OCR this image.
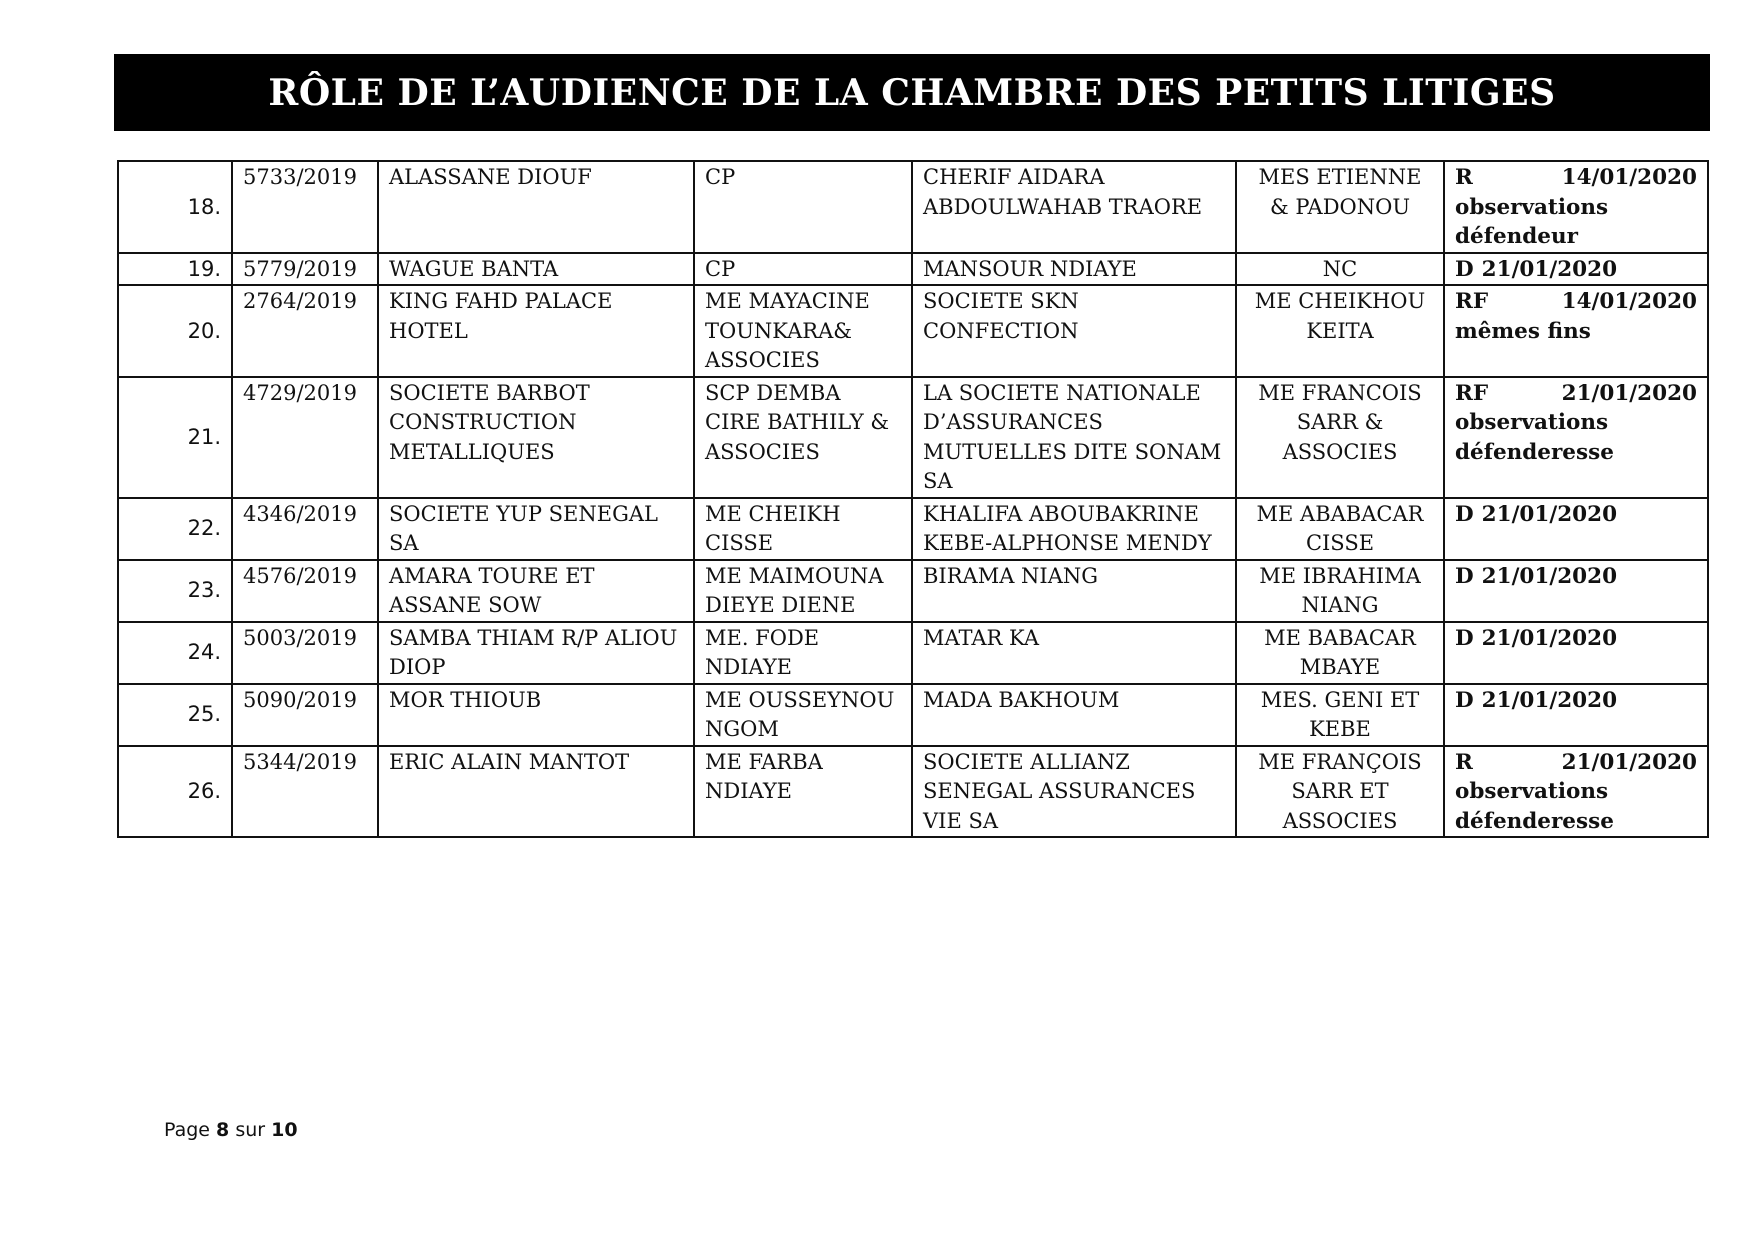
RÔLE DE L’AUDIENCE DE LA CHAMBRE DES PETITS LITIGES
18.	5733/2019	ALASSANE DIOUF	CP	CHERIF AIDARA ABDOULWAHAB TRAORE	MES ETIENNE & PADONOU	R 14/01/2020
observations défendeur

19.	5779/2019	WAGUE BANTA	CP	MANSOUR NDIAYE	NC	D 21/01/2020

20.	2764/2019	KING FAHD PALACE HOTEL	ME MAYACINE TOUNKARA& ASSOCIES	SOCIETE SKN CONFECTION	ME CHEIKHOU KEITA	RF 14/01/2020
mêmes fins

21.	4729/2019	SOCIETE BARBOT CONSTRUCTION METALLIQUES	SCP DEMBA CIRE BATHILY & ASSOCIES	LA SOCIETE NATIONALE D’ASSURANCES MUTUELLES DITE SONAM SA	ME FRANCOIS SARR & ASSOCIES	RF 21/01/2020
observations défenderesse

22.	4346/2019	SOCIETE YUP SENEGAL SA	ME CHEIKH CISSE	KHALIFA ABOUBAKRINE KEBE-ALPHONSE MENDY	ME ABABACAR CISSE	D 21/01/2020

23.	4576/2019	AMARA TOURE ET ASSANE SOW	ME MAIMOUNA DIEYE DIENE	BIRAMA NIANG	ME IBRAHIMA NIANG	D 21/01/2020

24.	5003/2019	SAMBA THIAM R/P ALIOU DIOP	ME. FODE NDIAYE	MATAR KA	ME BABACAR MBAYE	D 21/01/2020

25.	5090/2019	MOR THIOUB	ME OUSSEYNOU NGOM	MADA BAKHOUM	MES. GENI ET KEBE	D 21/01/2020

26.	5344/2019	ERIC ALAIN MANTOT	ME FARBA NDIAYE	SOCIETE ALLIANZ SENEGAL ASSURANCES VIE SA	ME FRANÇOIS SARR ET ASSOCIES	R 21/01/2020
observations défenderesse
Page 8 sur 10
